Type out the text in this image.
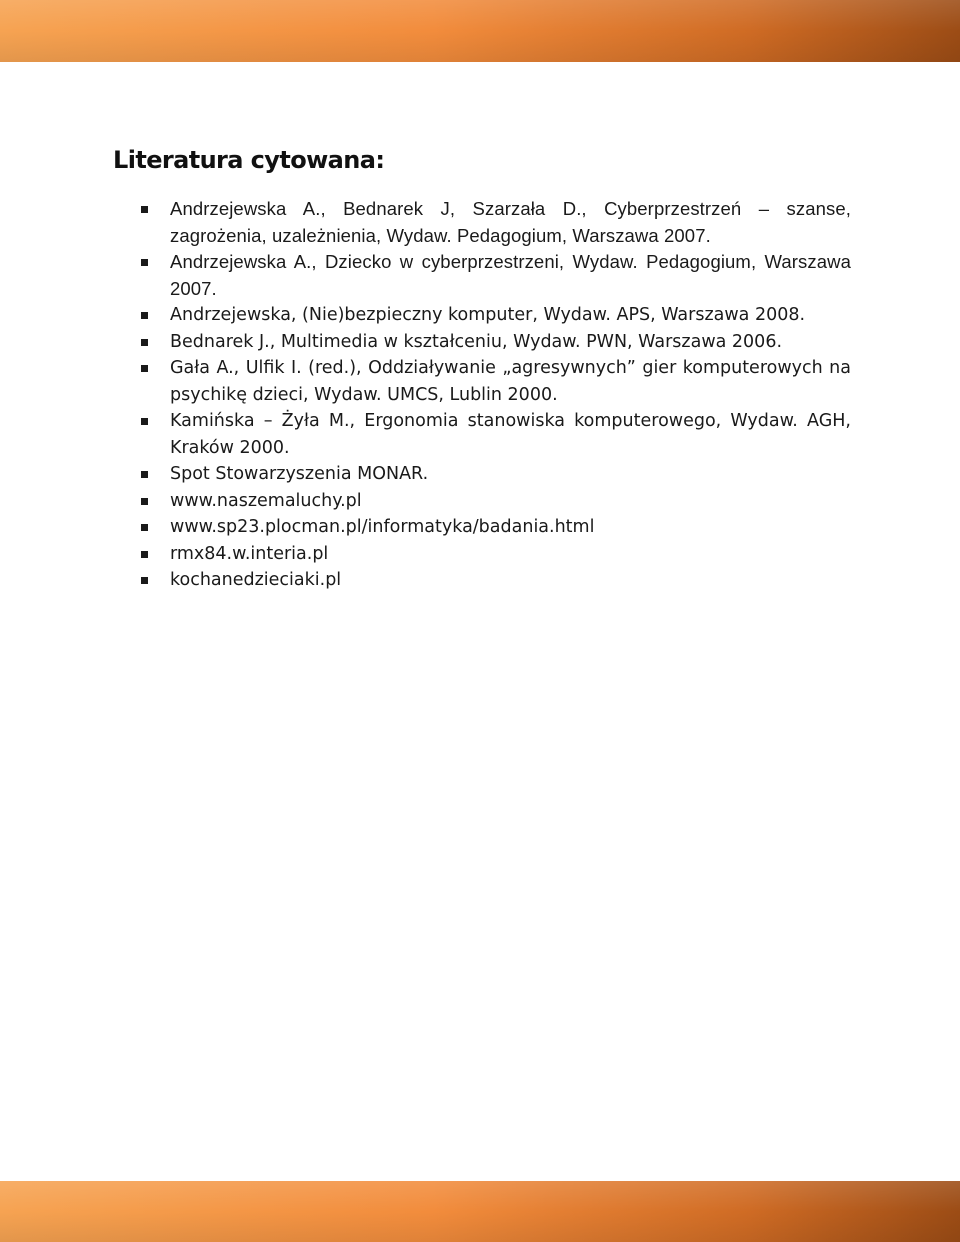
Literatura cytowana:
Andrzejewska A., Bednarek J, Szarzała D., Cyberprzestrzeń – szanse, zagrożenia, uzależnienia, Wydaw. Pedagogium, Warszawa 2007.
Andrzejewska A., Dziecko w cyberprzestrzeni, Wydaw. Pedagogium, Warszawa 2007.
Andrzejewska, (Nie)bezpieczny komputer, Wydaw. APS, Warszawa 2008.
Bednarek J., Multimedia w kształceniu, Wydaw. PWN, Warszawa 2006.
Gała A., Ulfik I. (red.), Oddziaływanie „agresywnych” gier komputerowych na psychikę dzieci, Wydaw. UMCS, Lublin 2000.
Kamińska – Żyła M., Ergonomia stanowiska komputerowego, Wydaw. AGH, Kraków 2000.
Spot Stowarzyszenia MONAR.
www.naszemaluchy.pl
www.sp23.plocman.pl/informatyka/badania.html
rmx84.w.interia.pl
kochanedzieciaki.pl
